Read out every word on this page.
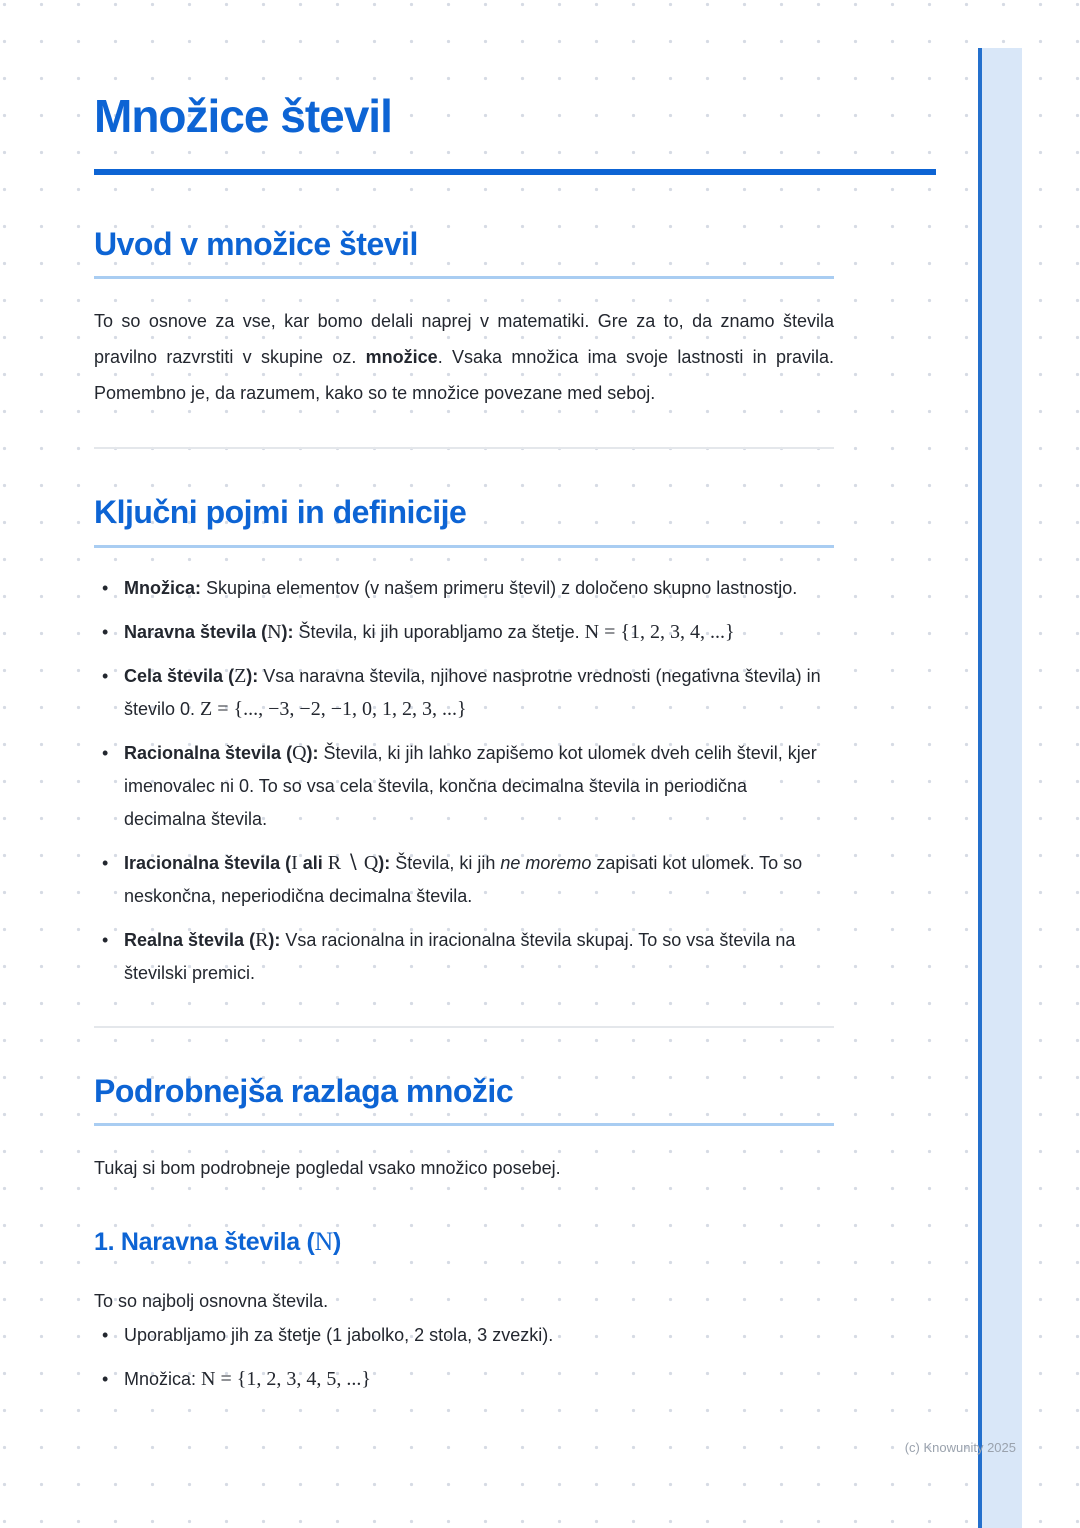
Množice števil
Uvod v množice števil

To so osnove za vse, kar bomo delali naprej v matematiki. Gre za to, da znamo števila pravilno razvrstiti v skupine oz. množice. Vsaka množica ima svoje lastnosti in pravila. Pomembno je, da razumem, kako so te množice povezane med seboj.

Ključni pojmi in definicije
• Množica: Skupina elementov (v našem primeru števil) z določeno skupno lastnostjo.
• Naravna števila (N): Števila, ki jih uporabljamo za štetje. N = {1, 2, 3, 4, ...}
• Cela števila (Z): Vsa naravna števila, njihove nasprotne vrednosti (negativna števila) in število 0. Z = {..., −3, −2, −1, 0, 1, 2, 3, ...}
• Racionalna števila (Q): Števila, ki jih lahko zapišemo kot ulomek dveh celih števil, kjer imenovalec ni 0. To so vsa cela števila, končna decimalna števila in periodična decimalna števila.
• Iracionalna števila (I ali R ∖ Q): Števila, ki jih ne moremo zapisati kot ulomek. To so neskončna, neperiodična decimalna števila.
• Realna števila (R): Vsa racionalna in iracionalna števila skupaj. To so vsa števila na številski premici.
Podrobnejša razlaga množic

Tukaj si bom podrobneje pogledal vsako množico posebej.

1. Naravna števila (N)

To so najbolj osnovna števila.

• Uporabljamo jih za štetje (1 jabolko, 2 stola, 3 zvezki).
• Množica: N = {1, 2, 3, 4, 5, ...}
(c) Knowunity 2025
